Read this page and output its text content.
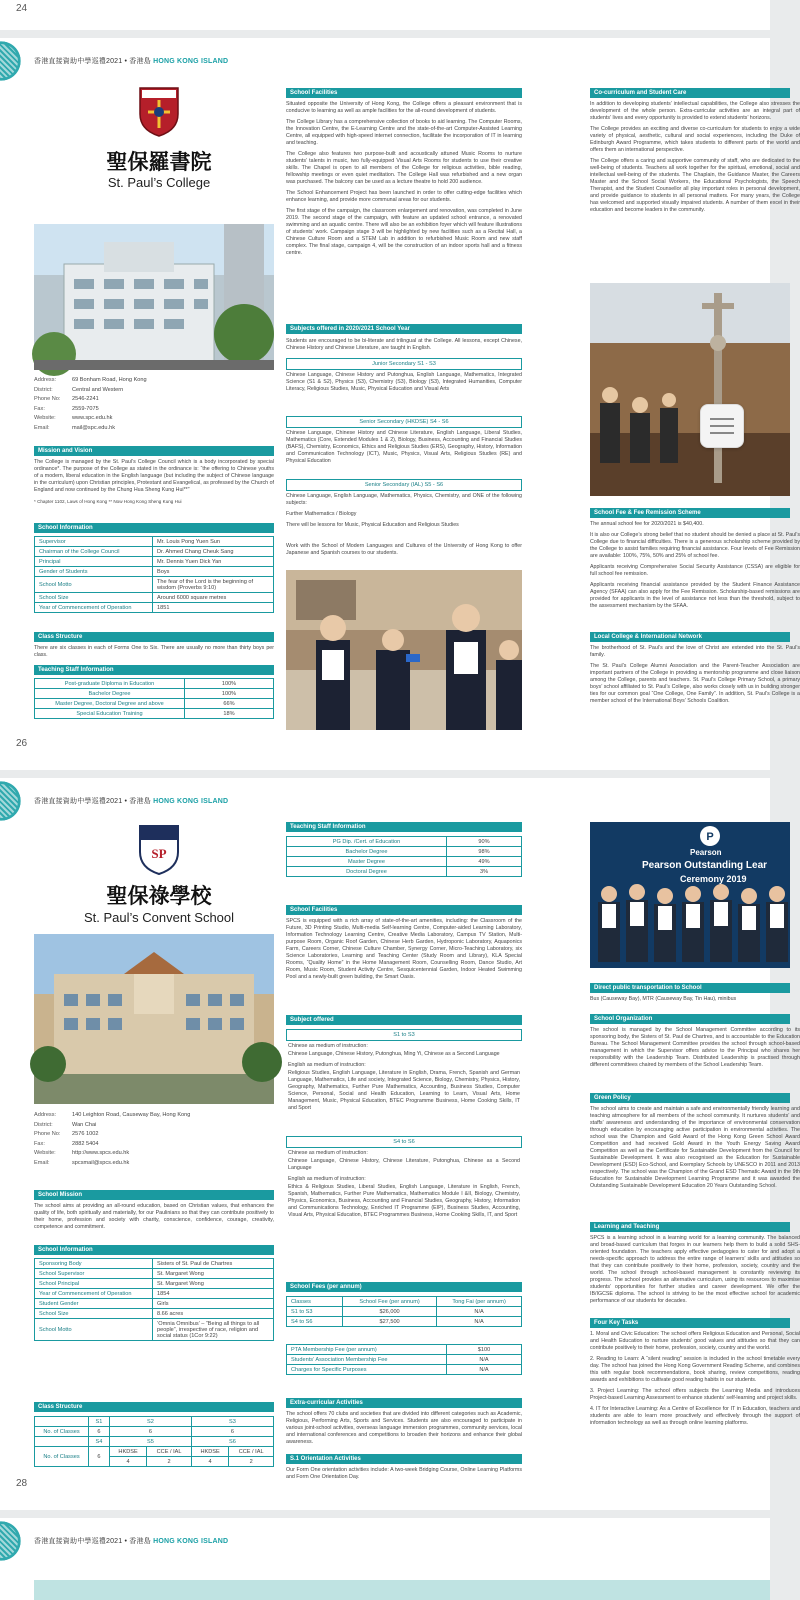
24
香港直接資助中學巡禮2021 • 香港島 HONG KONG ISLAND
聖保羅書院
St. Paul’s College
Address:	69 Bonham Road, Hong Kong
District:	Central and Western
Phone No:	2546-2241
Fax:	2559-7075
Website:	www.spc.edu.hk
Email:	mail@spc.edu.hk
Mission and Vision

The College is managed by the St. Paul’s College Council which is a body incorporated by special ordinance*. The purpose of the College as stated in the ordinance is: “the offering to Chinese youths of a modern, liberal education in the English language (but including the subject of Chinese language in the curriculum) upon Christian principles, Protestant and Evangelical, as professed by the Church of England and now continued by the Chung Hua Sheng Kung Hui**”

* Chapter 1102, Laws of Hong Kong ** Now Hong Kong Sheng Kung Hui

School Information
Supervisor	Mr. Louis Pong Yuen Sun
Chairman of the College Council	Dr. Ahmed Chang Cheuk Sang
Principal	Mr. Dennis Yuen Dick Yan
Gender of Students	Boys
School Motto	The fear of the Lord is the beginning of wisdom (Proverbs 9:10)
School Size	Around 6000 square metres
Year of Commencement of Operation	1851
Class Structure
There are six classes in each of Forms One to Six. There are usually no more than thirty boys per class.
Teaching Staff Information
Post-graduate Diploma in Education	100%
Bachelor Degree	100%
Master Degree, Doctoral Degree and above	66%
Special Education Training	18%
School Facilities

Situated opposite the University of Hong Kong, the College offers a pleasant environment that is conducive to learning as well as ample facilities for the all-round development of students.

The College Library has a comprehensive collection of books to aid learning. The Computer Rooms, the Innovation Centre, the E-Learning Centre and the state-of-the-art Computer-Assisted Learning Centre, all equipped with high-speed internet connection, facilitate the incorporation of IT in learning and teaching.

The College also features two purpose-built and acoustically attuned Music Rooms to nurture students’ talents in music, two fully-equipped Visual Arts Rooms for students to use their creative skills. The Chapel is open to all members of the College for religious activities, bible reading, fellowship meetings or even quiet meditation. The College Hall was refurbished and a new organ was purchased. The balcony can be used as a lecture theatre to hold 200 audience.

The School Enhancement Project has been launched in order to offer cutting-edge facilities which enhance learning, and provide more communal areas for our students.

The first stage of the campaign, the classroom enlargement and renovation, was completed in June 2019. The second stage of the campaign, with feature an updated school entrance, a renovated swimming and an aquatic centre. There will also be an exhibition foyer which will feature illustrations of students’ work. Campaign stage 3 will be highlighted by new facilities such as a Recital Hall, a Chinese Culture Room and a STEM Lab in addition to refurbished Music Room and new staff complex. The final stage, campaign 4, will be the construction of an indoor sports hall and a fitness centre.

Subjects offered in 2020/2021 School Year
Students are encouraged to be bi-literate and trilingual at the College. All lessons, except Chinese, Chinese History and Chinese Literature, are taught in English.
Junior Secondary S1 - S3
Chinese Language, Chinese History and Putonghua, English Language, Mathematics, Integrated Science (S1 & S2), Physics (S3), Chemistry (S3), Biology (S3), Integrated Humanities, Computer Literacy, Religious Studies, Music, Physical Education and Visual Arts
Senior Secondary (HKDSE) S4 - S6
Chinese Language, Chinese History and Chinese Literature, English Language, Liberal Studies, Mathematics (Core, Extended Modules 1 & 2), Biology, Business, Accounting and Financial Studies (BAFS), Chemistry, Economics, Ethics and Religious Studies (ERS), Geography, History, Information and Communication Technology (ICT), Music, Physics, Visual Arts, Religious Studies (RE) and Physical Education
Senior Secondary (IAL) S5 - S6

Chinese Language, English Language, Mathematics, Physics, Chemistry, and ONE of the following subjects:

Further Mathematics / Biology

There will be lessons for Music, Physical Education and Religious Studies

Work with the School of Modern Languages and Cultures of the University of Hong Kong to offer Japanese and Spanish courses to our students.
Co-curriculum and Student Care

In addition to developing students’ intellectual capabilities, the College also stresses the development of the whole person. Extra-curricular activities are an integral part of students’ lives and every opportunity is provided to extend students’ horizons.

The College provides an exciting and diverse co-curriculum for students to enjoy a wide variety of physical, aesthetic, cultural and social experiences, including the Duke of Edinburgh Award Programme, which takes students to different parts of the world and offers them an international perspective.

The College offers a caring and supportive community of staff, who are dedicated to the well-being of students. Teachers all work together for the spiritual, emotional, social and intellectual well-being of the students. The Chaplain, the Guidance Master, the Careers Master and the School Social Workers, the Educational Psychologists, the Speech Therapist, and the Student Counsellor all play important roles in personal development, and provide guidance to students in all personal matters. For many years, the College has welcomed and supported visually impaired students. A number of them excel in their education and become leaders in the community.

School Fee & Fee Remission Scheme

The annual school fee for 2020/2021 is $40,400.

It is also our College’s strong belief that no student should be denied a place at St. Paul’s College due to financial difficulties. There is a generous scholarship scheme provided by the College to assist families requiring financial assistance. Four levels of Fee Remission are available: 100%, 75%, 50% and 25% of school fee.

Applicants receiving Comprehensive Social Security Assistance (CSSA) are eligible for full school fee remission.

Applicants receiving financial assistance provided by the Student Finance Assistance Agency (SFAA) can also apply for the Fee Remission. Scholarship-based remissions are provided for applicants in the level of assistance not less than the threshold, subject to the assessment mechanism by the SFAA.

Local College & International Network

The brotherhood of St. Paul’s and the love of Christ are extended into the St. Paul’s family.

The St. Paul’s College Alumni Association and the Parent-Teacher Association are important partners of the College in providing a mentorship programme and close liaison among the College, parents and teachers. St. Paul’s College Primary School, a primary boys’ school affiliated to St. Paul’s College, also works closely with us in building stronger ties for our common goal “One College, One Family”. In addition, St. Paul’s College is a member school of the International Boys’ Schools Coalition.

26
香港直接資助中學巡禮2021 • 香港島 HONG KONG ISLAND
SP
聖保祿學校
St. Paul’s Convent School
Address:	140 Leighton Road, Causeway Bay, Hong Kong
District:	Wan Chai
Phone No:	2576 1002
Fax:	2882 5404
Website:	http://www.spcs.edu.hk
Email:	spcsmail@spcs.edu.hk
School Mission
The school aims at providing an all-round education, based on Christian values, that enhances the quality of life, both spiritually and materially, for our Paulinians so that they can contribute positively to their home, profession and society with charity, conscience, confidence, courage, creativity, competence and commitment.
School Information
Sponsoring Body	Sisters of St. Paul de Chartres
School Supervisor	St. Margaret Wong
School Principal	St. Margaret Wong
Year of Commencement of Operation	1854
Student Gender	Girls
School Size	8.66 acres
School Motto	‘Omnia Omnibus’ – “Being all things to all people”, irrespective of race, religion and social status (1Cor 9:22)
Class Structure
	S1	S2		S3	
No. of Classes	6	6		6	
	S4	S5		S6	
No. of Classes	6	HKDSE	CCE / IAL	HKDSE	CCE / IAL
		4	2	4	2
Teaching Staff Information
PG Dip. /Cert. of Education	90%
Bachelor Degree	98%
Master Degree	49%
Doctoral Degree	3%
School Facilities
SPCS is equipped with a rich array of state-of-the-art amenities, including: the Classroom of the Future, 3D Printing Studio, Multi-media Self-learning Centre, Computer-aided Learning Laboratory, Information Technology Learning Centre, Creative Media Laboratory, Campus TV Station, Multi-purpose Room, Organic Roof Garden, Chinese Herb Garden, Hydroponic Laboratory, Aquaponics Farm, Careers Corner, Chinese Culture Chamber, Synergy Corner, Micro-Teaching Laboratory, six Science Laboratories, Learning and Teaching Center (Study Room and Library), KLA Special Rooms, “Quality Home” in the Home Management Room, Counselling Room, Dance Studio, Art Room, Music Room, Student Activity Centre, Sesquicentennial Garden, Indoor Heated Swimming Pool and a newly-built green building, the Smart Oasis.
Subject offered
S1 to S3

Chinese as medium of instruction:

Chinese Language, Chinese History, Putonghua, Ming Yi, Chinese as a Second Language

English as medium of instruction:

Religious Studies, English Language, Literature in English, Drama, French, Spanish and German Language, Mathematics, Life and society, Integrated Science, Biology, Chemistry, Physics, History, Geography, Mathematics, Further Pure Mathematics, Accounting, Business Studies, Computer Science, Personal, Social and Health Education, Learning to Learn, Visual Arts, Home Management, Music, Physical Education, BTEC Programme Business, Home Cooking Skills, IT and Sport

S4 to S6

Chinese as medium of instruction:

Chinese Language, Chinese History, Chinese Literature, Putonghua, Chinese as a Second Language

English as medium of instruction:

Ethics & Religious Studies, Liberal Studies, English Language, Literature in English, French, Spanish, Mathematics, Further Pure Mathematics, Mathematics Module I &II, Biology, Chemistry, Physics, Economics, Business, Accounting and Financial Studies, Geography, History, Information and Communications Technology, Enriched IT Programme (EIP), Business Studies, Accounting, Visual Arts, Physical Education, BTEC Programmes Business, Home Cooking Skills, IT, and Sport

School Fees (per annum)
Classes	School Fee (per annum)	Tong Fai (per annum)
S1 to S3	$26,000	N/A
S4 to S6	$27,500	N/A
PTA Membership Fee (per annum)	$100
Students’ Association Membership Fee	N/A
Charges for Specific Purposes	N/A
Extra-curricular Activities
The school offers 70 clubs and societies that are divided into different categories such as Academic, Religious, Performing Arts, Sports and Services. Students are also encouraged to participate in various joint-school activities, overseas language immersion programmes, community services, local and international conferences and competitions to broaden their horizons and enhance their global awareness.
S.1 Orientation Activities
Our Form One orientation activities include: A two-week Bridging Course, Online Learning Platforms and Form One Orientation Day.
P
Pearson
Pearson Outstanding Lear
Ceremony 2019
Direct public transportation to School
Bus (Causeway Bay), MTR (Causeway Bay, Tin Hau), minibus
School Organization
The school is managed by the School Management Committee according to its sponsoring body, the Sisters of St. Paul de Chartres, and is accountable to the Education Bureau. The School Management Committee provides the school through school-based management in which the Supervisor offers advice to the Principal who shares her responsibility with the Leadership Team. Distributed Leadership is practised through different committees chaired by members of the School Leadership Team.
Green Policy
The school aims to create and maintain a safe and environmentally friendly learning and teaching atmosphere for all members of the school community. It nurtures students’ and staffs’ awareness and understanding of the importance of environmental conservation through education by encouraging active participation in environmental activities. The school was the Champion and Gold Award of the Hong Kong Green School Award Competition and had received Gold Award in the Youth Energy Saving Award Competition as well as the Certificate for Sustainable Development from the Council for Sustainable Development. It was also recognised as the Education for Sustainable Development (ESD) Eco-School, and Exemplary Schools by UNESCO in 2011 and 2013 respectively. The school was the Champion of the Grand ESD Thematic Award in the 9th Education for Sustainable Development Learning Programme and it was awarded the Outstanding Sustainable Development Education 20 Years Outstanding School.
Learning and Teaching
SPCS is a learning school in a learning world for a learning community. The balanced and broad-based curriculum that forges in our learners help them to build a solid SHS-oriented foundation. The teachers apply effective pedagogies to cater for and adopt a needs-specific approach to address the entire range of learners’ skills and attitudes so that they can contribute positively to their home, profession, society, country and the world. The school through school-based management is constantly reviewing its progress. The school provides an alternative curriculum, using its resources to maximise students’ opportunities for further studies and career development. We offer the IB/IGCSE diploma. The school is striving to be the most effective school for academic performance of our students for decades.
Four Key Tasks

1. Moral and Civic Education: The school offers Religious Education and Personal, Social and Health Education to nurture students’ good values and attitudes so that they can contribute positively to their home, profession, society, country and the world.

2. Reading to Learn: A “silent reading” session is included in the school timetable every day. The school has joined the Hong Kong Government Reading Scheme, and combines this with regular book recommendations, book sharing, review competitions, reading awards and exhibitions to cultivate good reading habits in our students.

3. Project Learning: The school offers subjects the Learning Media and introduces Project-based Learning Assessment to enhance students’ self-learning and project skills.

4. IT for Interactive Learning: As a Centre of Excellence for IT in Education, teachers and students are able to learn more proactively and effectively through the support of information technology as well as through online learning platforms.

28
香港直接資助中學巡禮2021 • 香港島 HONG KONG ISLAND
